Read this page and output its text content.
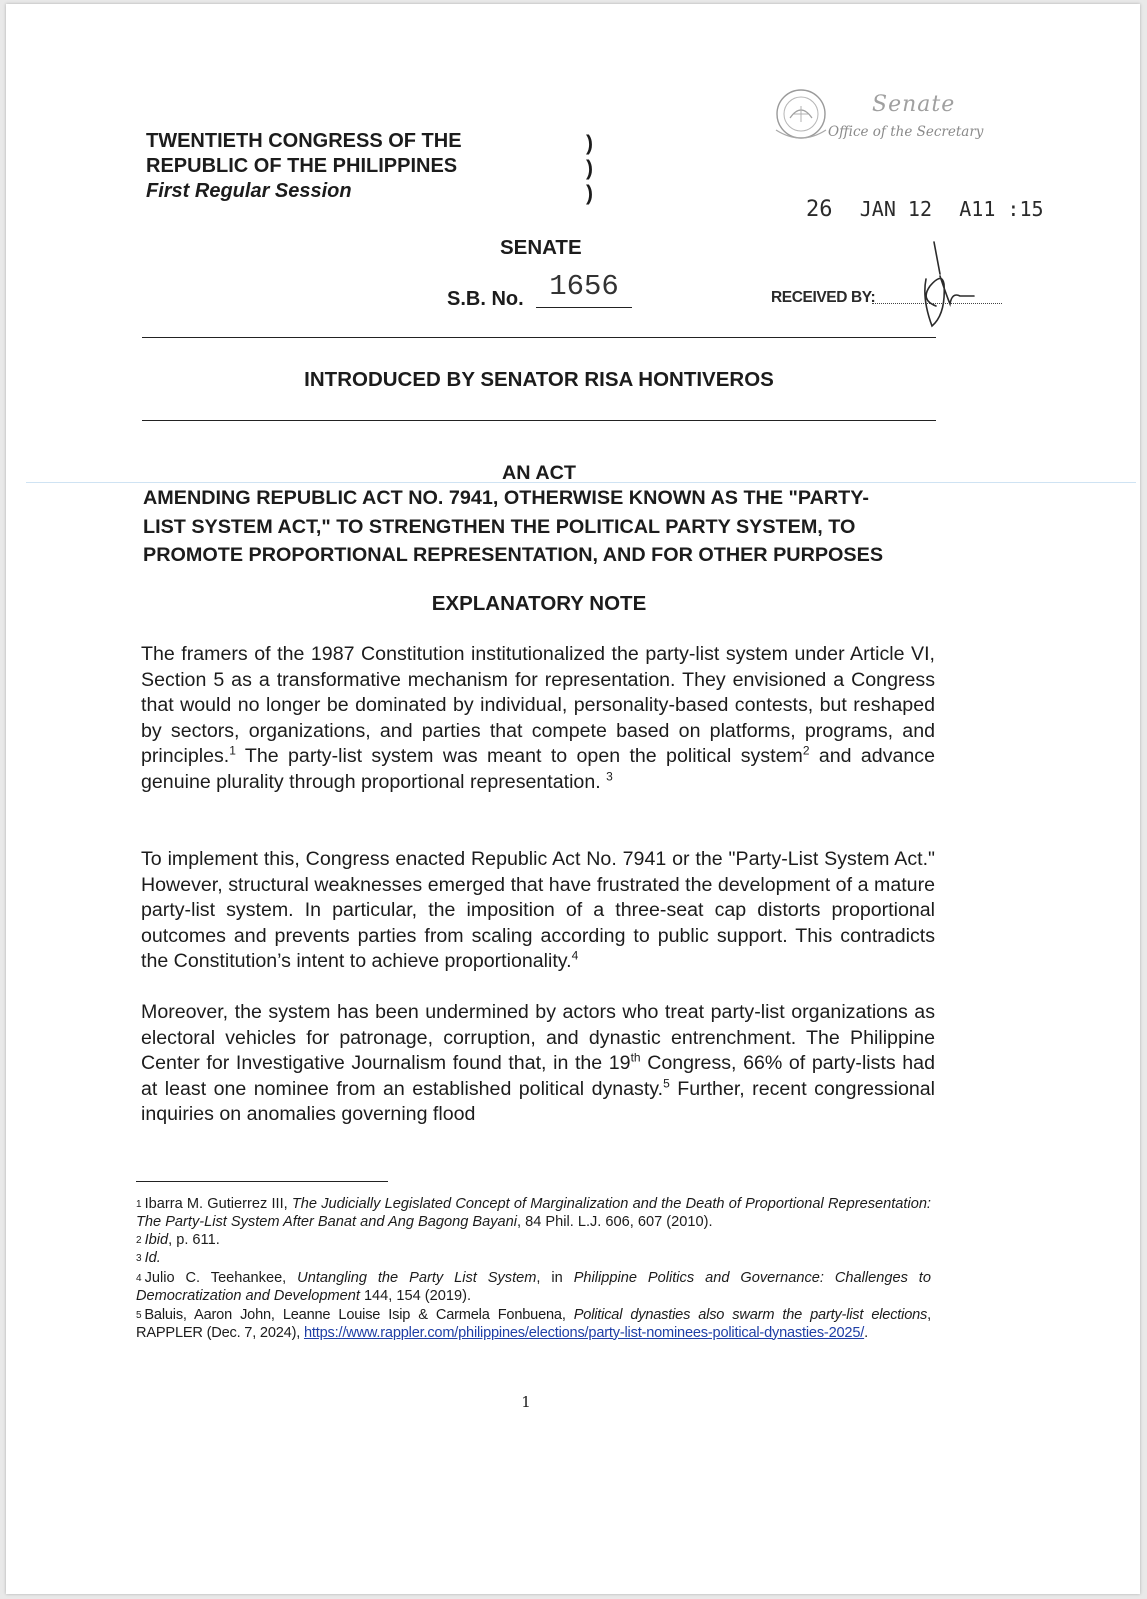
TWENTIETH CONGRESS OF THE
REPUBLIC OF THE PHILIPPINES
First Regular Session
)
)
)
SENATE
S.B. No. 1656
Senate
Office of the Secretary
26 JAN 12 A11 :15
RECEIVED BY:
INTRODUCED BY SENATOR RISA HONTIVEROS
AN ACT
AMENDING REPUBLIC ACT NO. 7941, OTHERWISE KNOWN AS THE "PARTY-
LIST SYSTEM ACT," TO STRENGTHEN THE POLITICAL PARTY SYSTEM, TO
PROMOTE PROPORTIONAL REPRESENTATION, AND FOR OTHER PURPOSES
EXPLANATORY NOTE
The framers of the 1987 Constitution institutionalized the party-list system under Article VI, Section 5 as a transformative mechanism for representation. They envisioned a Congress that would no longer be dominated by individual, personality-based contests, but reshaped by sectors, organizations, and parties that compete based on platforms, programs, and principles.$^1$ The party-list system was meant to open the political system$^2$ and advance genuine plurality through proportional representation. $^3$
To implement this, Congress enacted Republic Act No. 7941 or the "Party-List System Act." However, structural weaknesses emerged that have frustrated the development of a mature party-list system. In particular, the imposition of a three-seat cap distorts proportional outcomes and prevents parties from scaling according to public support. This contradicts the Constitution’s intent to achieve proportionality.$^4$
Moreover, the system has been undermined by actors who treat party-list organizations as electoral vehicles for patronage, corruption, and dynastic entrenchment. The Philippine Center for Investigative Journalism found that, in the 19th Congress, 66% of party-lists had at least one nominee from an established political dynasty.$^5$ Further, recent congressional inquiries on anomalies governing flood
$^1$ Ibarra M. Gutierrez III, The Judicially Legislated Concept of Marginalization and the Death of Proportional Representation: The Party-List System After Banat and Ang Bagong Bayani, 84 Phil. L.J. 606, 607 (2010).
$^2$ Ibid, p. 611.
$^3$ Id.
$^4$ Julio C. Teehankee, Untangling the Party List System, in Philippine Politics and Governance: Challenges to Democratization and Development 144, 154 (2019).
$^5$ Baluis, Aaron John, Leanne Louise Isip & Carmela Fonbuena, Political dynasties also swarm the party-list elections, RAPPLER (Dec. 7, 2024), https://www.rappler.com/philippines/elections/party-list-nominees-political-dynasties-2025/.
1
